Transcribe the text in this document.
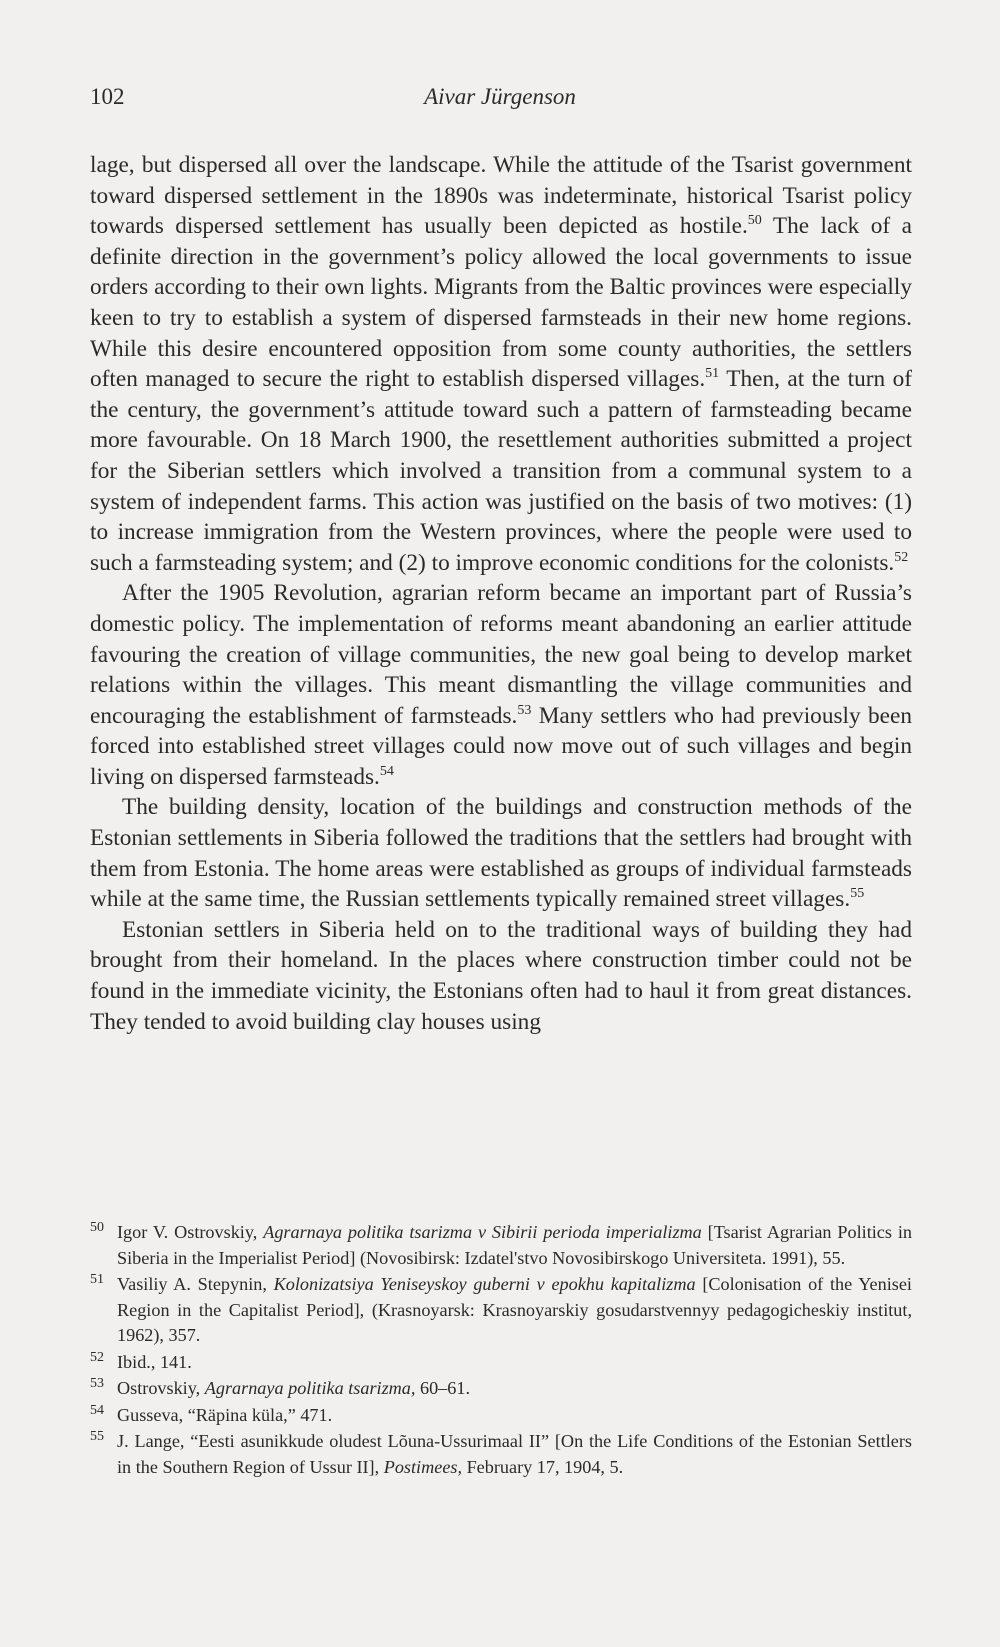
102	Aivar Jürgenson

lage, but dispersed all over the landscape. While the attitude of the Tsarist government toward dispersed settlement in the 1890s was indeterminate, historical Tsarist policy towards dispersed settlement has usually been depicted as hostile.$^{50}$ The lack of a definite direction in the government’s policy allowed the local governments to issue orders according to their own lights. Migrants from the Baltic provinces were especially keen to try to establish a system of dispersed farmsteads in their new home regions. While this desire encountered opposition from some county authorities, the settlers often managed to secure the right to establish dispersed villages.$^{51}$ Then, at the turn of the century, the government’s attitude toward such a pattern of farmsteading became more favourable. On 18 March 1900, the resettlement authorities submitted a project for the Siberian settlers which involved a transition from a communal system to a system of independent farms. This action was justified on the basis of two motives: (1) to increase immigration from the Western provinces, where the people were used to such a farmsteading system; and (2) to improve economic conditions for the colonists.$^{52}$

After the 1905 Revolution, agrarian reform became an important part of Russia’s domestic policy. The implementation of reforms meant abandoning an earlier attitude favouring the creation of village communities, the new goal being to develop market relations within the villages. This meant dismantling the village communities and encouraging the establishment of farmsteads.$^{53}$ Many settlers who had previously been forced into established street villages could now move out of such villages and begin living on dispersed farmsteads.$^{54}$

The building density, location of the buildings and construction methods of the Estonian settlements in Siberia followed the traditions that the settlers had brought with them from Estonia. The home areas were established as groups of individual farmsteads while at the same time, the Russian settlements typically remained street villages.$^{55}$

Estonian settlers in Siberia held on to the traditional ways of building they had brought from their homeland. In the places where construction timber could not be found in the immediate vicinity, the Estonians often had to haul it from great distances. They tended to avoid building clay houses using

50 Igor V. Ostrovskiy, Agrarnaya politika tsarizma v Sibirii perioda imperializma [Tsarist Agrarian Politics in Siberia in the Imperialist Period] (Novosibirsk: Izdatel'stvo Novosibirskogo Universiteta. 1991), 55.
51 Vasiliy A. Stepynin, Kolonizatsiya Yeniseyskoy guberni v epokhu kapitalizma [Colonisation of the Yenisei Region in the Capitalist Period], (Krasnoyarsk: Krasnoyarskiy gosudarstvennyy pedagogicheskiy institut, 1962), 357.
52 Ibid., 141.
53 Ostrovskiy, Agrarnaya politika tsarizma, 60–61.
54 Gusseva, “Räpina küla,” 471.
55 J. Lange, “Eesti asunikkude oludest Lõuna-Ussurimaal II” [On the Life Conditions of the Estonian Settlers in the Southern Region of Ussur II], Postimees, February 17, 1904, 5.
